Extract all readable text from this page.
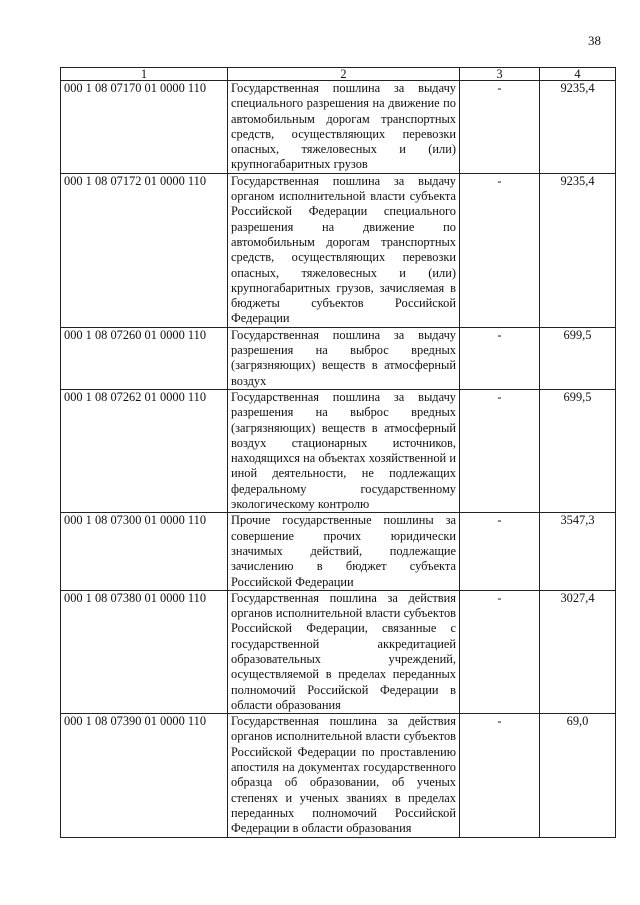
38
1	2	3	4
000 1 08 07170 01 0000 110	Государственная пошлина за выдачу специального разрешения на движение по автомобильным дорогам транспортных средств, осуществляющих перевозки опасных, тяжеловесных и (или) крупногабаритных грузов	-	9235,4
000 1 08 07172 01 0000 110	Государственная пошлина за выдачу органом исполнительной власти субъекта Российской Федерации специального разрешения на движение по автомобильным дорогам транспортных средств, осуществляющих перевозки опасных, тяжеловесных и (или) крупногабаритных грузов, зачисляемая в бюджеты субъектов Российской Федерации	-	9235,4
000 1 08 07260 01 0000 110	Государственная пошлина за выдачу разрешения на выброс вредных (загрязняющих) веществ в атмосферный воздух	-	699,5
000 1 08 07262 01 0000 110	Государственная пошлина за выдачу разрешения на выброс вредных (загрязняющих) веществ в атмосферный воздух стационарных источников, находящихся на объектах хозяйственной и иной деятельности, не подлежащих федеральному государственному экологическому контролю	-	699,5
000 1 08 07300 01 0000 110	Прочие государственные пошлины за совершение прочих юридически значимых действий, подлежащие зачислению в бюджет субъекта Российской Федерации	-	3547,3
000 1 08 07380 01 0000 110	Государственная пошлина за действия органов исполнительной власти субъектов Российской Федерации, связанные с государственной аккредитацией образовательных учреждений, осуществляемой в пределах переданных полномочий Российской Федерации в области образования	-	3027,4
000 1 08 07390 01 0000 110	Государственная пошлина за действия органов исполнительной власти субъектов Российской Федерации по проставлению апостиля на документах государственного образца об образовании, об ученых степенях и ученых званиях в пределах переданных полномочий Российской Федерации в области образования	-	69,0
